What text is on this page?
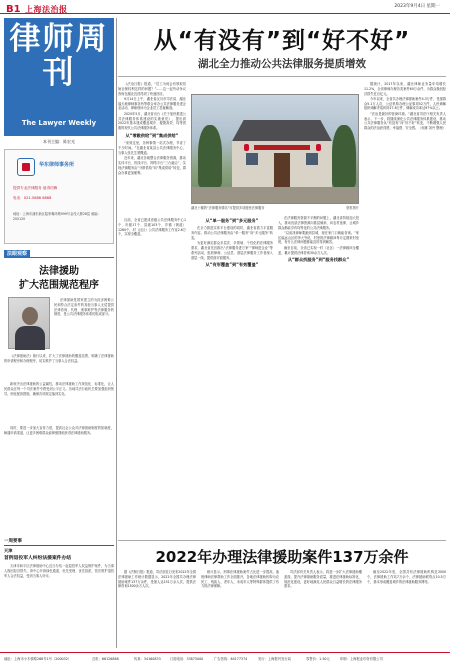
B1 上海法治报	2023年9月4日 星期一
律师周刊
The Lawyer Weekly
本刊主编：陈宏光
华东律师事务所
提供专业法律服务 值得信赖
电话：021-5888 6868
地址：上海市浦东新区陆家嘴环路999号金茂大厦28层 邮编：200120
法眼观察
法律援助
扩大范围规范程序
法律援助是国家建立的为经济困难公民和符合法定条件的其他当事人无偿提供法律咨询、代理、刑事辩护等法律服务的制度，是公共法律服务体系的组成部分。
《法律援助法》施行以来，扩大了法律援助的覆盖范围，明确了法律援助的申请程序和办理程序，切实维护了当事人合法权益。
新规突出法律援助的公益属性，推动法律援助工作规范化、标准化，让人民群众在每一个司法案件中感受到公平正义。各地司法行政机关要加强组织领导，细化配套措施，确保各项规定落到实处。
同时，要进一步加大宣传力度，提高社会公众对法律援助制度的知晓度，畅通申请渠道，让更多困难群众能够便捷地获得法律援助服务。
一周要事
天津
首例退役军人纠纷法援案件办结
天津市和平区法律援助中心近日办结一起退役军人权益保护案件，为当事人挽回经济损失。该中心开辟绿色通道，优先受理、优先指派，依法维护退役军人合法权益，受到当事人好评。
从“有没有”到“好不好”
湖北全力推动公共法律服务提质增效

《法治日报》报道，“员工为何会有领取初始社保权利这样的问题？”……这一起劳动争议咨询在湖北宜昌得到了快速回应。

9月14日上午，湖北省汉川市司法局、湖北福天地律师事务所等联合举办公共法律服务进企业活动，律师现场为企业员工答疑解惑。

2020年5月，湖北省出台《关于加快推进公共法律服务体系建设的实施意见》，提出到2022年基本建成覆盖城乡、便捷高效、均等普惠的现代公共法律服务体系。

从“零散供给”到“集成供给”

“来到这里，各种事情一站式办理，节省了不少时间。”在湖北省某县公共法律服务中心，当事人张先生感慨道。

近年来，湖北各地整合法律服务资源，推动实体平台、热线平台、网络平台“三台融合”，实现法律服务由“分散供给”向“集成供给”转变，群众办事更加便利。

湖北十堰的“法律服务驿站”可提供多项便民法律服务	资料图片

据统计，2017年以来，湖北律师业务量年均增长11.2%，全省律师办理各类案件60万余件，为群众挽回经济损失近百亿元。

今年以来，全省共办理法律援助案件4.3万件，受援群众5.1万人次，公证机构办理公证事项52万件，人民调解组织调解矛盾纠纷27.6万件，调解成功率达97%以上。

“法治是最好的营商环境。”湖北省司法厅相关负责人表示，下一步，将继续深化公共法律服务体系建设，推动公共法律服务从“有没有”向“好不好”转变，不断增强人民群众的法治获得感、幸福感、安全感。（何惠 刘丹 整理）

目前，全省已建成省级公共法律服务中心1个、市级17个、县级103个、乡镇（街道）1260个，村（社区）公共法律服务工作室2.6万个，实现全覆盖。

从“单一服务”到“多元服务”

在全力推进实体平台建设的同时，湖北省着力丰富服务内容，推动公共法律服务由“单一服务”向“多元服务”转变。

为更好满足群众多层次、多领域、个性化的法律服务需求，湖北省先后推出“法律服务进万家”“律师进企业”等系列活动，组织律师、公证员、基层法律服务工作者深入基层一线，提供面对面服务。

从“有形覆盖”到“有效覆盖”

在法律服务资源不平衡的问题上，湖北省持续加大投入，推动优质法律资源向基层倾斜、向农村延伸，让城乡群众都能享有均等化的公共法律服务。

“以前找律师要跑到县城，现在家门口就能咨询。”家住偏远山区的李大爷说，村里的法律顾问每月定期来村坐班，有什么法律问题都能及时得到解答。

截至目前，全省已实现一村（社区）一法律顾问全覆盖，累计提供法律咨询30余万人次。

从“群众找服务”到“服务找群众”
2022年办理法律援助案件137万余件

据《法制日报》报道，司法部近日发布2022年全国法律援助工作统计数据显示，2022年全国共办理法律援助案件137万余件，受援人达151万余人次，提供法律咨询1500余万人次。

统计显示，刑事法律援助案件占比进一步提高，值班律师法律帮助工作全面推开，各地法律援助机构为农民工、残疾人、老年人、未成年人等特殊群体提供了有力的法律保障。

司法部有关负责人表示，将进一步扩大法律援助覆盖面，提升法律援助服务质量，推进法律援助标准化、规范化建设，更好地满足人民群众日益增长的法律服务需求。

截至2022年底，全国共有法律援助机构近3000个，法律援助工作站7万余个，法律援助联络点10.5万个，基本形成覆盖城乡的法律援助服务网络。

地址：上海市小木桥路268号1号（200032）	总机：66126868	传真：34160833	订阅电话：33875000	广告热线：64177374	发行：上海报刊发行局	零售价：1.50元	印刷：上海报业印务有限公司
